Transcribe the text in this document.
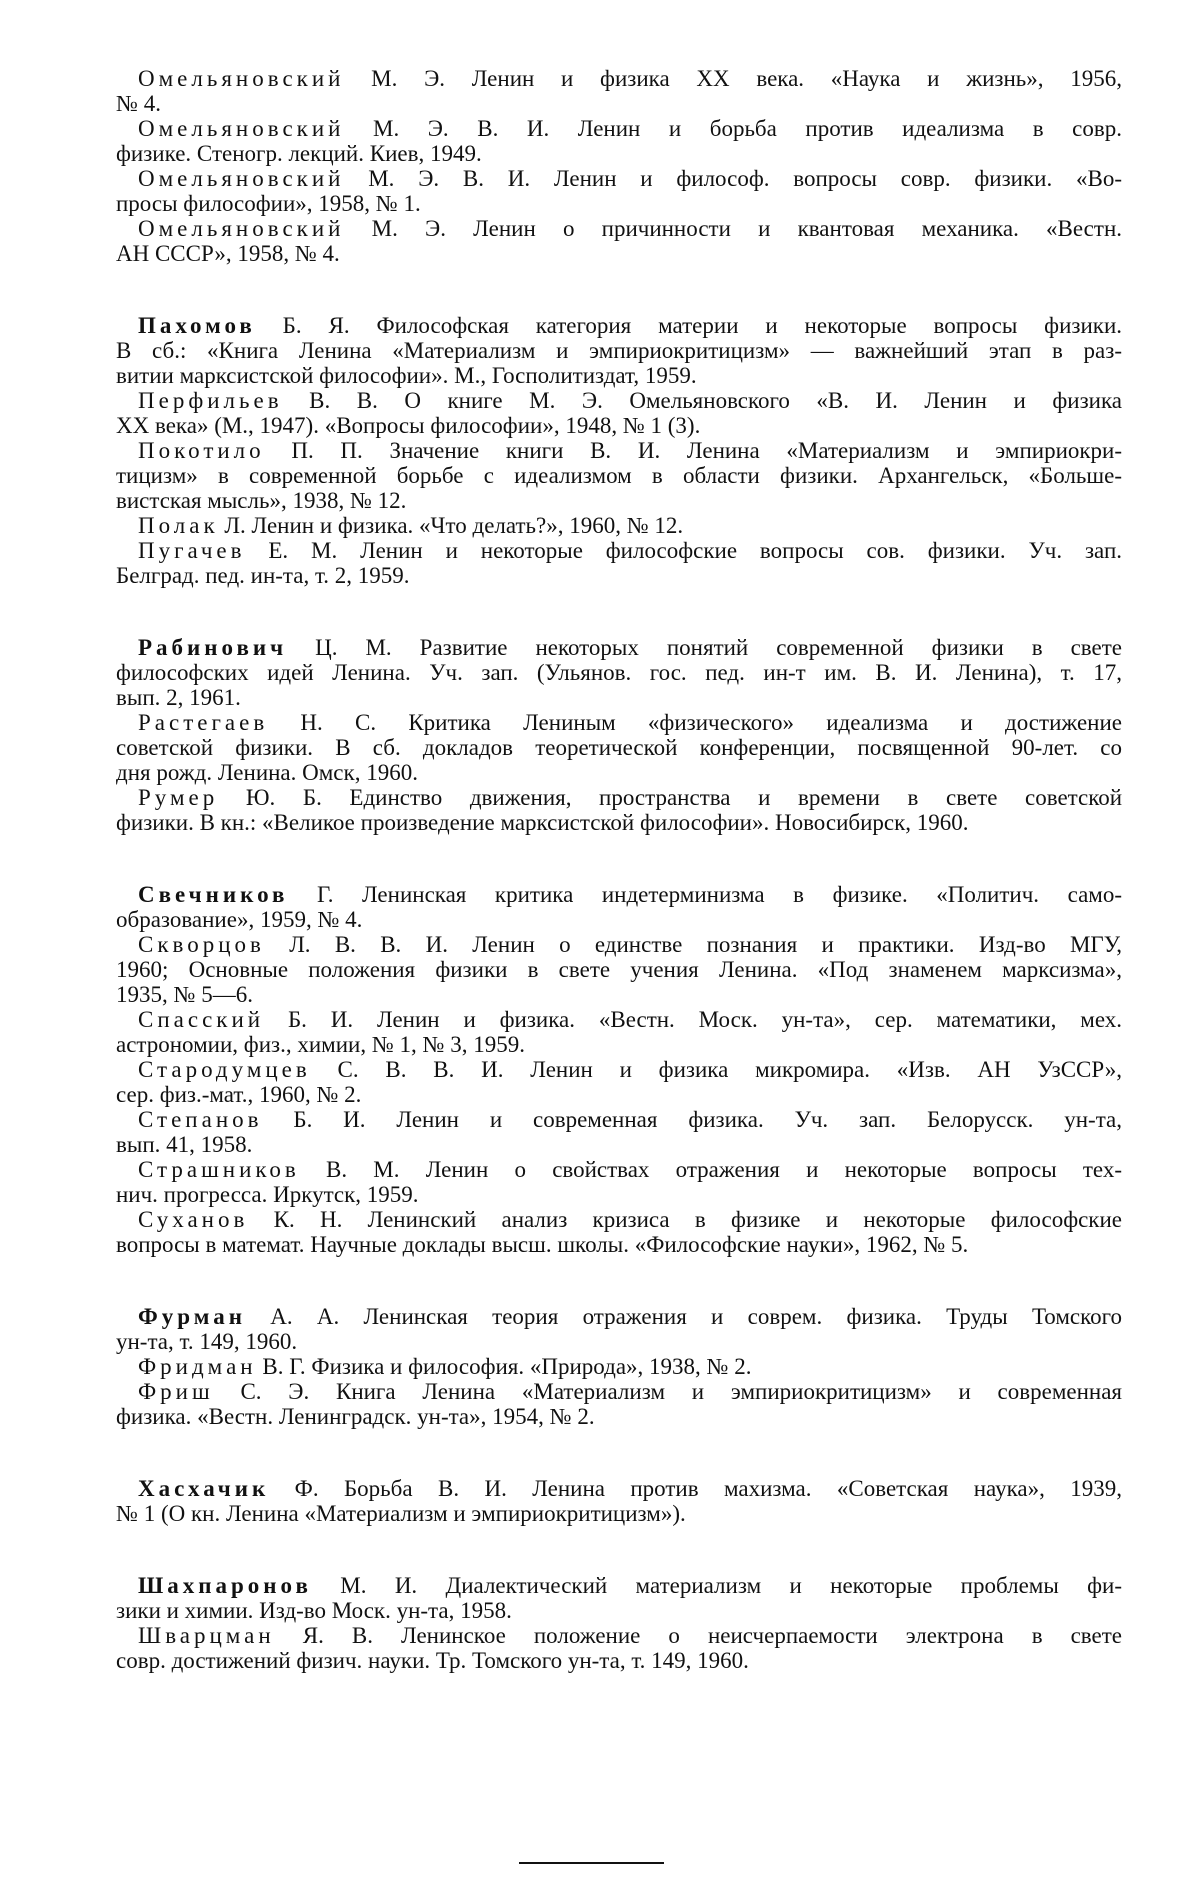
Омельяновский М. Э. Ленин и физика XX века. «Наука и жизнь», 1956,
№ 4.
Омельяновский М. Э. В. И. Ленин и борьба против идеализма в совр.
физике. Стеногр. лекций. Киев, 1949.
Омельяновский М. Э. В. И. Ленин и философ. вопросы совр. физики. «Во-
просы философии», 1958, № 1.
Омельяновский М. Э. Ленин о причинности и квантовая механика. «Вестн.
АН СССР», 1958, № 4.
Пахомов Б. Я. Философская категория материи и некоторые вопросы физики.
В сб.: «Книга Ленина «Материализм и эмпириокритицизм» — важнейший этап в раз-
витии марксистской философии». М., Госполитиздат, 1959.
Перфильев В. В. О книге М. Э. Омельяновского «В. И. Ленин и физика
XX века» (М., 1947). «Вопросы философии», 1948, № 1 (3).
Покотило П. П. Значение книги В. И. Ленина «Материализм и эмпириокри-
тицизм» в современной борьбе с идеализмом в области физики. Архангельск, «Больше-
вистская мысль», 1938, № 12.
Полак Л. Ленин и физика. «Что делать?», 1960, № 12.
Пугачев Е. М. Ленин и некоторые философские вопросы сов. физики. Уч. зап.
Белград. пед. ин-та, т. 2, 1959.
Рабинович Ц. М. Развитие некоторых понятий современной физики в свете
философских идей Ленина. Уч. зап. (Ульянов. гос. пед. ин-т им. В. И. Ленина), т. 17,
вып. 2, 1961.
Растегаев Н. С. Критика Лениным «физического» идеализма и достижение
советской физики. В сб. докладов теоретической конференции, посвященной 90-лет. со
дня рожд. Ленина. Омск, 1960.
Румер Ю. Б. Единство движения, пространства и времени в свете советской
физики. В кн.: «Великое произведение марксистской философии». Новосибирск, 1960.
Свечников Г. Ленинская критика индетерминизма в физике. «Политич. само-
образование», 1959, № 4.
Скворцов Л. В. В. И. Ленин о единстве познания и практики. Изд-во МГУ,
1960; Основные положения физики в свете учения Ленина. «Под знаменем марксизма»,
1935, № 5—6.
Спасский Б. И. Ленин и физика. «Вестн. Моск. ун-та», сер. математики, мех.
астрономии, физ., химии, № 1, № 3, 1959.
Стародумцев С. В. В. И. Ленин и физика микромира. «Изв. АН УзССР»,
сер. физ.-мат., 1960, № 2.
Степанов Б. И. Ленин и современная физика. Уч. зап. Белорусск. ун-та,
вып. 41, 1958.
Страшников В. М. Ленин о свойствах отражения и некоторые вопросы тех-
нич. прогресса. Иркутск, 1959.
Суханов К. Н. Ленинский анализ кризиса в физике и некоторые философские
вопросы в математ. Научные доклады высш. школы. «Философские науки», 1962, № 5.
Фурман А. А. Ленинская теория отражения и соврем. физика. Труды Томского
ун-та, т. 149, 1960.
Фридман В. Г. Физика и философия. «Природа», 1938, № 2.
Фриш С. Э. Книга Ленина «Материализм и эмпириокритицизм» и современная
физика. «Вестн. Ленинградск. ун-та», 1954, № 2.
Хасхачик Ф. Борьба В. И. Ленина против махизма. «Советская наука», 1939,
№ 1 (О кн. Ленина «Материализм и эмпириокритицизм»).
Шахпаронов М. И. Диалектический материализм и некоторые проблемы фи-
зики и химии. Изд-во Моск. ун-та, 1958.
Шварцман Я. В. Ленинское положение о неисчерпаемости электрона в свете
совр. достижений физич. науки. Тр. Томского ун-та, т. 149, 1960.
